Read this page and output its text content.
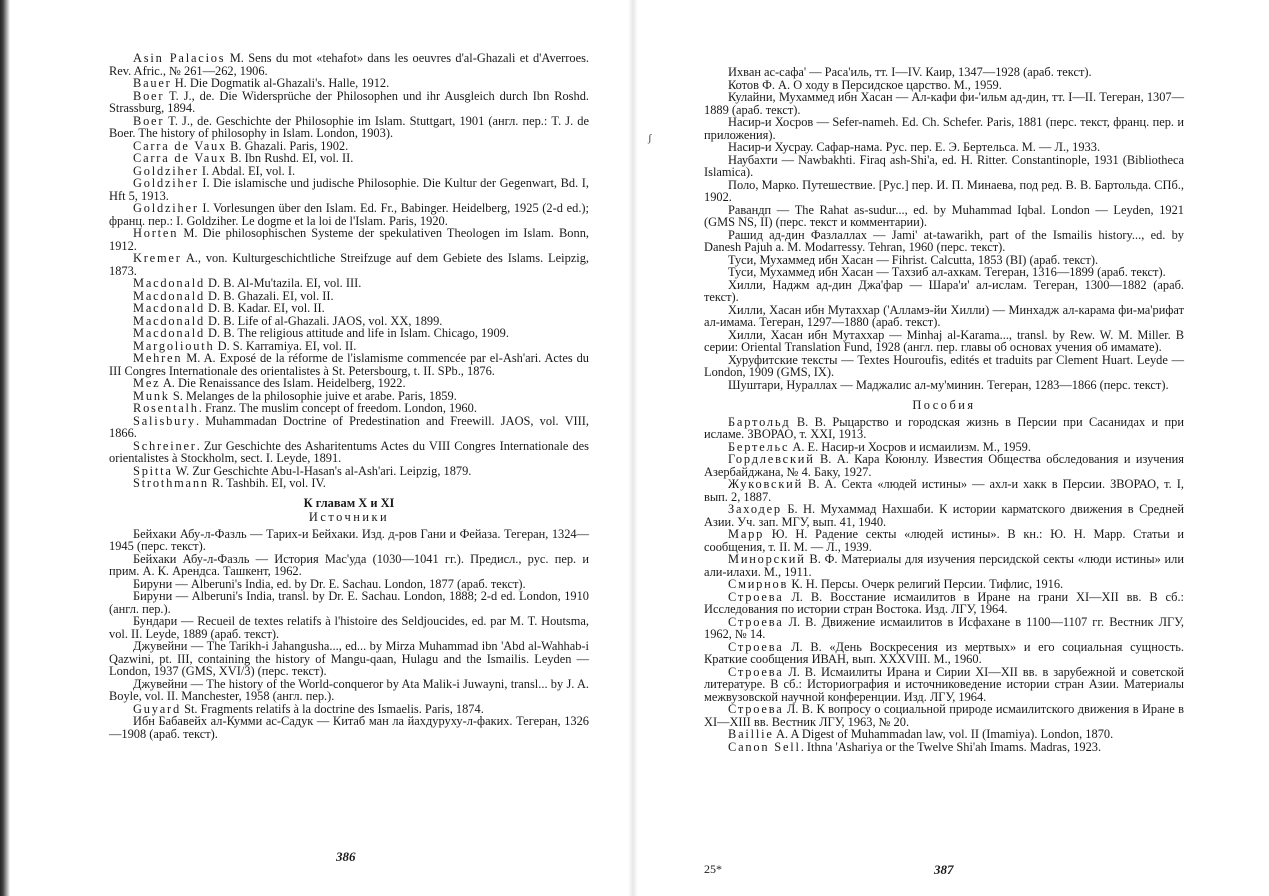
Asin Palacios M. Sens du mot «tehafot» dans les oeuvres d'al-Ghazali et d'Averroes. Rev. Afric., № 261—262, 1906.

Bauer H. Die Dogmatik al-Ghazali's. Halle, 1912.

Boer T. J., de. Die Widersprüche der Philosophen und ihr Ausgleich durch Ibn Roshd. Strassburg, 1894.

Boer T. J., de. Geschichte der Philosophie im Islam. Stuttgart, 1901 (англ. пер.: T. J. de Boer. The history of philosophy in Islam. London, 1903).

Carra de Vaux B. Ghazali. Paris, 1902.

Carra de Vaux B. Ibn Rushd. EI, vol. II.

Goldziher I. Abdal. EI, vol. I.

Goldziher I. Die islamische und judische Philosophie. Die Kultur der Gegenwart, Bd. I, Hft 5, 1913.

Goldziher I. Vorlesungen über den Islam. Ed. Fr., Babinger. Heidelberg, 1925 (2-d ed.); франц. пер.: I. Goldziher. Le dogme et la loi de l'Islam. Paris, 1920.

Horten M. Die philosophischen Systeme der spekulativen Theologen im Islam. Bonn, 1912.

Kremer A., von. Kulturgeschichtliche Streifzuge auf dem Gebiete des Islams. Leipzig, 1873.

Macdonald D. B. Al-Mu'tazila. EI, vol. III.

Macdonald D. B. Ghazali. EI, vol. II.

Macdonald D. B. Kadar. EI, vol. II.

Macdonald D. B. Life of al-Ghazali. JAOS, vol. XX, 1899.

Macdonald D. B. The religious attitude and life in Islam. Chicago, 1909.

Margoliouth D. S. Karramiya. EI, vol. II.

Mehren M. A. Exposé de la réforme de l'islamisme commencée par el-Ash'ari. Actes du III Congres Internationale des orientalistes à St. Petersbourg, t. II. SPb., 1876.

Mez A. Die Renaissance des Islam. Heidelberg, 1922.

Munk S. Melanges de la philosophie juive et arabe. Paris, 1859.

Rosentalh. Franz. The muslim concept of freedom. London, 1960.

Salisbury. Muhammadan Doctrine of Predestination and Freewill. JAOS, vol. VIII, 1866.

Schreiner. Zur Geschichte des Asharitentums Actes du VIII Congres Internationale des orientalistes à Stockholm, sect. I. Leyde, 1891.

Spitta W. Zur Geschichte Abu-l-Hasan's al-Ash'ari. Leipzig, 1879.

Strothmann R. Tashbih. EI, vol. IV.

К главам X и XI

Источники

Бейхаки Абу-л-Фазль — Тарих-и Бейхаки. Изд. д-ров Гани и Фейаза. Тегеран, 1324—1945 (перс. текст).

Бейхаки Абу-л-Фазль — История Мас'уда (1030—1041 гг.). Предисл., рус. пер. и прим. А. К. Арендса. Ташкент, 1962.

Бируни — Alberuni's India, ed. by Dr. E. Sachau. London, 1877 (араб. текст).

Бируни — Alberuni's India, transl. by Dr. E. Sachau. London, 1888; 2-d ed. London, 1910 (англ. пер.).

Бундари — Recueil de textes relatifs à l'histoire des Seldjoucides, ed. par M. T. Houtsma, vol. II. Leyde, 1889 (араб. текст).

Джувейни — The Tarikh-i Jahangusha..., ed... by Mirza Muhammad ibn 'Abd al-Wahhab-i Qazwini, pt. III, containing the history of Mangu-qaan, Hulagu and the Ismailis. Leyden — London, 1937 (GMS, XVI/3) (перс. текст).

Джувейни — The history of the World-conqueror by Ata Malik-i Juwayni, transl... by J. A. Boyle, vol. II. Manchester, 1958 (англ. пер.).

Guyard St. Fragments relatifs à la doctrine des Ismaelis. Paris, 1874.

Ибн Бабавейх ал-Кумми ас-Садук — Китаб ман ла йахдуруху-л-факих. Тегеран, 1326—1908 (араб. текст).

386
ʃ

Ихван ас-сафа' — Раса'иль, тт. I—IV. Каир, 1347—1928 (араб. текст).

Котов Ф. А. О ходу в Персидское царство. М., 1959.

Кулайни, Мухаммед ибн Хасан — Ал-кафи фи-'ильм ад-дин, тт. I—II. Тегеран, 1307—1889 (араб. текст).

Насир-и Хосров — Sefer-nameh. Ed. Ch. Schefer. Paris, 1881 (перс. текст, франц. пер. и приложения).

Насир-и Хусрау. Сафар-нама. Рус. пер. Е. Э. Бертельса. М. — Л., 1933.

Наубахти — Nawbakhti. Firaq ash-Shi'a, ed. H. Ritter. Constantinople, 1931 (Bibliotheca Islamica).

Поло, Марко. Путешествие. [Рус.] пер. И. П. Минаева, под ред. В. В. Бартольда. СПб., 1902.

Равандп — The Rahat as-sudur..., ed. by Muhammad Iqbal. London — Leyden, 1921 (GMS NS, II) (перс. текст и комментарии).

Рашид ад-дин Фазлаллах — Jami' at-tawarikh, part of the Ismailis history..., ed. by Danesh Pajuh a. M. Modarressy. Tehran, 1960 (перс. текст).

Туси, Мухаммед ибн Хасан — Fihrist. Calcutta, 1853 (BI) (араб. текст).

Туси, Мухаммед ибн Хасан — Тахзиб ал-ахкам. Тегеран, 1316—1899 (араб. текст).

Хилли, Наджм ад-дин Джа'фар — Шара'и' ал-ислам. Тегеран, 1300—1882 (араб. текст).

Хилли, Хасан ибн Мутаххар ('Алламэ-йи Хилли) — Минхадж ал-карама фи-ма'рифат ал-имама. Тегеран, 1297—1880 (араб. текст).

Хилли, Хасан ибн Мутаххар — Minhaj al-Karama..., transl. by Rew. W. M. Miller. В серии: Oriental Translation Fund, 1928 (англ. пер. главы об основах учения об имамате).

Хуруфитские тексты — Textes Houroufis, edités et traduits par Clement Huart. Leyde — London, 1909 (GMS, IX).

Шуштари, Нураллах — Маджалис ал-му'минин. Тегеран, 1283—1866 (перс. текст).

Пособия

Бартольд В. В. Рыцарство и городская жизнь в Персии при Сасанидах и при исламе. ЗВОРАО, т. XXI, 1913.

Бертельс А. Е. Насир-и Хосров и исмаилизм. М., 1959.

Гордлевский В. А. Кара Коюнлу. Известия Общества обследования и изучения Азербайджана, № 4. Баку, 1927.

Жуковский В. А. Секта «людей истины» — ахл-и хакк в Персии. ЗВОРАО, т. I, вып. 2, 1887.

Заходер Б. Н. Мухаммад Нахшаби. К истории карматского движения в Средней Азии. Уч. зап. МГУ, вып. 41, 1940.

Марр Ю. Н. Радение секты «людей истины». В кн.: Ю. Н. Марр. Статьи и сообщения, т. II. М. — Л., 1939.

Минорский В. Ф. Материалы для изучения персидской секты «люди истины» или али-илахи. М., 1911.

Смирнов К. Н. Персы. Очерк религий Персии. Тифлис, 1916.

Строева Л. В. Восстание исмаилитов в Иране на грани XI—XII вв. В сб.: Исследования по истории стран Востока. Изд. ЛГУ, 1964.

Строева Л. В. Движение исмаилитов в Исфахане в 1100—1107 гг. Вестник ЛГУ, 1962, № 14.

Строева Л. В. «День Воскресения из мертвых» и его социальная сущность. Краткие сообщения ИВАН, вып. XXXVIII. М., 1960.

Строева Л. В. Исмаилиты Ирана и Сирии XI—XII вв. в зарубежной и советской литературе. В сб.: Историография и источниковедение истории стран Азии. Материалы межвузовской научной конференции. Изд. ЛГУ, 1964.

Строева Л. В. К вопросу о социальной природе исмаилитского движения в Иране в XI—XIII вв. Вестник ЛГУ, 1963, № 20.

Baillie A. A Digest of Muhammadan law, vol. II (Imamiya). London, 1870.

Canon Sell. Ithna 'Ashariya or the Twelve Shi'ah Imams. Madras, 1923.

25*	387
